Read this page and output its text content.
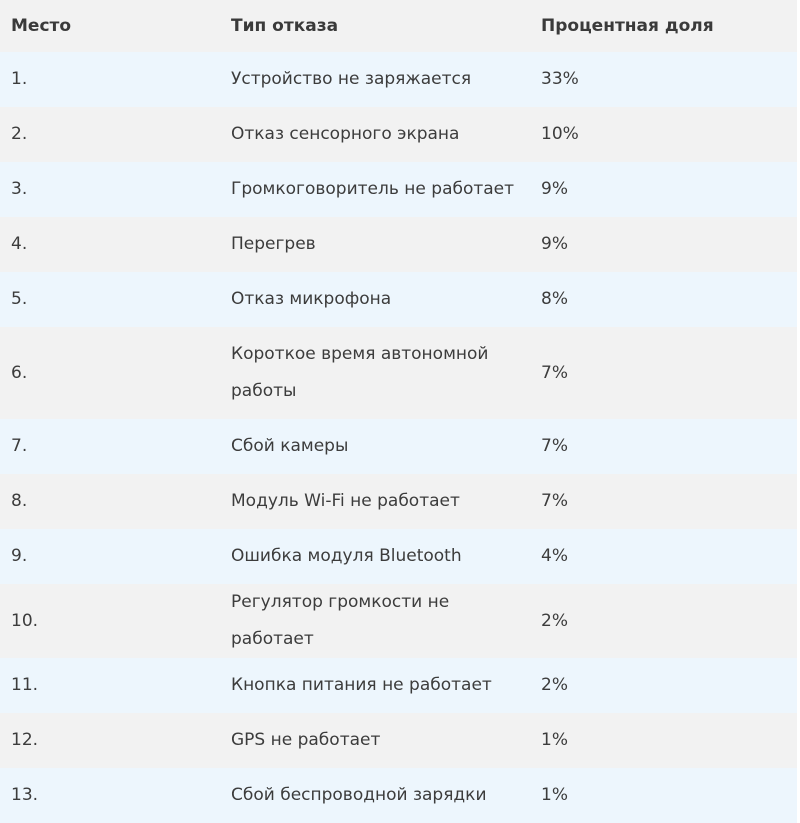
Место	Тип отказа	Процентная доля
1.	Устройство не заряжается	33%
2.	Отказ сенсорного экрана	10%
3.	Громкоговоритель не работает	9%
4.	Перегрев	9%
5.	Отказ микрофона	8%
6.	Короткое время автономной работы	7%
7.	Сбой камеры	7%
8.	Модуль Wi-Fi не работает	7%
9.	Ошибка модуля Bluetooth	4%
10.	Регулятор громкости не работает	2%
11.	Кнопка питания не работает	2%
12.	GPS не работает	1%
13.	Сбой беспроводной зарядки	1%
